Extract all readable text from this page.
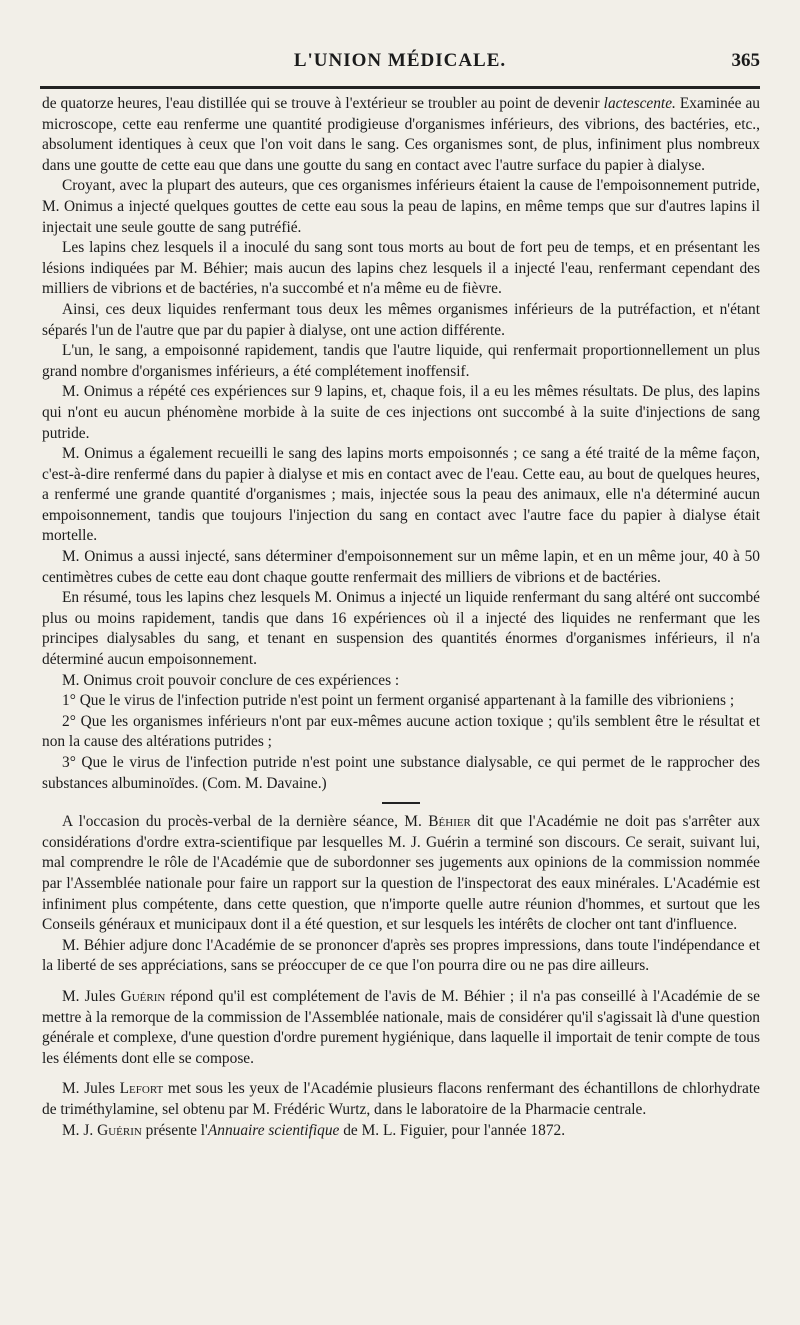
L'UNION MÉDICALE.	365

de quatorze heures, l'eau distillée qui se trouve à l'extérieur se troubler au point de devenir lactescente. Examinée au microscope, cette eau renferme une quantité prodigieuse d'organismes inférieurs, des vibrions, des bactéries, etc., absolument identiques à ceux que l'on voit dans le sang. Ces organismes sont, de plus, infiniment plus nombreux dans une goutte de cette eau que dans une goutte du sang en contact avec l'autre surface du papier à dialyse.

Croyant, avec la plupart des auteurs, que ces organismes inférieurs étaient la cause de l'empoisonnement putride, M. Onimus a injecté quelques gouttes de cette eau sous la peau de lapins, en même temps que sur d'autres lapins il injectait une seule goutte de sang putréfié.

Les lapins chez lesquels il a inoculé du sang sont tous morts au bout de fort peu de temps, et en présentant les lésions indiquées par M. Béhier; mais aucun des lapins chez lesquels il a injecté l'eau, renfermant cependant des milliers de vibrions et de bactéries, n'a succombé et n'a même eu de fièvre.

Ainsi, ces deux liquides renfermant tous deux les mêmes organismes inférieurs de la putréfaction, et n'étant séparés l'un de l'autre que par du papier à dialyse, ont une action différente.

L'un, le sang, a empoisonné rapidement, tandis que l'autre liquide, qui renfermait proportionnellement un plus grand nombre d'organismes inférieurs, a été complétement inoffensif.

M. Onimus a répété ces expériences sur 9 lapins, et, chaque fois, il a eu les mêmes résultats. De plus, des lapins qui n'ont eu aucun phénomène morbide à la suite de ces injections ont succombé à la suite d'injections de sang putride.

M. Onimus a également recueilli le sang des lapins morts empoisonnés ; ce sang a été traité de la même façon, c'est-à-dire renfermé dans du papier à dialyse et mis en contact avec de l'eau. Cette eau, au bout de quelques heures, a renfermé une grande quantité d'organismes ; mais, injectée sous la peau des animaux, elle n'a déterminé aucun empoisonnement, tandis que toujours l'injection du sang en contact avec l'autre face du papier à dialyse était mortelle.

M. Onimus a aussi injecté, sans déterminer d'empoisonnement sur un même lapin, et en un même jour, 40 à 50 centimètres cubes de cette eau dont chaque goutte renfermait des milliers de vibrions et de bactéries.

En résumé, tous les lapins chez lesquels M. Onimus a injecté un liquide renfermant du sang altéré ont succombé plus ou moins rapidement, tandis que dans 16 expériences où il a injecté des liquides ne renfermant que les principes dialysables du sang, et tenant en suspension des quantités énormes d'organismes inférieurs, il n'a déterminé aucun empoisonnement.

M. Onimus croit pouvoir conclure de ces expériences :

1° Que le virus de l'infection putride n'est point un ferment organisé appartenant à la famille des vibrioniens ;

2° Que les organismes inférieurs n'ont par eux-mêmes aucune action toxique ; qu'ils semblent être le résultat et non la cause des altérations putrides ;

3° Que le virus de l'infection putride n'est point une substance dialysable, ce qui permet de le rapprocher des substances albuminoïdes. (Com. M. Davaine.)

A l'occasion du procès-verbal de la dernière séance, M. Béhier dit que l'Académie ne doit pas s'arrêter aux considérations d'ordre extra-scientifique par lesquelles M. J. Guérin a terminé son discours. Ce serait, suivant lui, mal comprendre le rôle de l'Académie que de subordonner ses jugements aux opinions de la commission nommée par l'Assemblée nationale pour faire un rapport sur la question de l'inspectorat des eaux minérales. L'Académie est infiniment plus compétente, dans cette question, que n'importe quelle autre réunion d'hommes, et surtout que les Conseils généraux et municipaux dont il a été question, et sur lesquels les intérêts de clocher ont tant d'influence.

M. Béhier adjure donc l'Académie de se prononcer d'après ses propres impressions, dans toute l'indépendance et la liberté de ses appréciations, sans se préoccuper de ce que l'on pourra dire ou ne pas dire ailleurs.

M. Jules Guérin répond qu'il est complétement de l'avis de M. Béhier ; il n'a pas conseillé à l'Académie de se mettre à la remorque de la commission de l'Assemblée nationale, mais de considérer qu'il s'agissait là d'une question générale et complexe, d'une question d'ordre purement hygiénique, dans laquelle il importait de tenir compte de tous les éléments dont elle se compose.

M. Jules Lefort met sous les yeux de l'Académie plusieurs flacons renfermant des échantillons de chlorhydrate de triméthylamine, sel obtenu par M. Frédéric Wurtz, dans le laboratoire de la Pharmacie centrale.

M. J. Guérin présente l'Annuaire scientifique de M. L. Figuier, pour l'année 1872.
